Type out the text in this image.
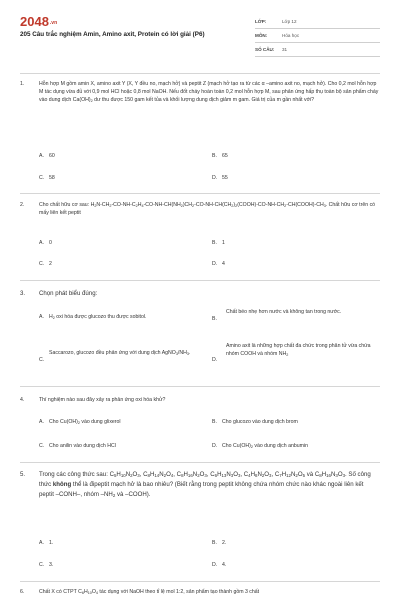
2048.vn
205 Câu trắc nghiệm Amin, Amino axit, Protein có lời giải (P6)
LỚP:	Lớp 12
MÔN:	Hóa học
SỐ CÂU:	31
1.	Hỗn hợp M gồm amin X, amino axit Y (X, Y đều no, mạch hở) và peptit Z (mạch hở tạo ra từ các α –amino axit no, mạch hở). Cho 0,2 mol hỗn hợp M tác dụng vừa đủ với 0,9 mol HCl hoặc 0,8 mol NaOH. Nếu đốt cháy hoàn toàn 0,2 mol hỗn hợp M, sau phản ứng hấp thụ toàn bộ sản phẩm cháy vào dung dịch $Ca(OH)_2$ dư thu được 150 gam kết tủa và khối lượng dung dịch giảm m gam. Giá trị của m gần nhất với?
A. 60	B. 65
C. 58	D. 55
2.	Cho chất hữu cơ sau: $H_2N-CH_2-CO-NH-C_2H_4-CO-NH-CH(NH_2)CH_2-CO-NH-CH(CH_2)_2(COOH)-CO-NH-CH_2-CH(COOH)-CH_3$. Chất hữu cơ trên có mấy liên kết peptit
A. 0	B. 1
C. 2	D. 4
3. Chọn phát biểu đúng:
A. $H_2$ oxi hóa được glucozo thu được sobitol.	B.
Chất béo nhẹ hơn nước và không tan trong nước.
C.
Saccarozo, glucozo đều phản ứng với dung dịch $AgNO_3/NH_3$.
D.
Amino axit là những hợp chất đa chức trong phân tử vừa chứa nhóm COOH và nhóm $NH_2$
4.	Thí nghiệm nào sau đây xảy ra phản ứng oxi hóa khử?
A. Cho $Cu(OH)_2$ vào dung glixerol	B. Cho glucozo vào dung dịch brom
C. Cho anilin vào dung dịch HCl	D. Cho $Cu(OH)_2$ vào dung dịch anbumin
5. Trong các công thức sau: $C_5H_{10}N_2O_3$, $C_8H_{14}N_2O_4$, $C_8H_{16}N_2O_3$, $C_6H_{13}N_3O_3$, $C_4H_8N_2O_3$, $C_7H_{12}N_2O_5$ và $C_8H_{16}N_3O_3$. Số công thức không thể là đipeptit mạch hở là bao nhiêu? (Biết rằng trong peptit không chứa nhóm chức nào khác ngoài liên kết peptit –CONH–, nhóm $-NH_2$ và –COOH).
A. 1.	B. 2.
C. 3.	D. 4.
6.	Chất X có CTPT $C_6H_{10}O_4$ tác dụng với NaOH theo tỉ lệ mol 1:2, sản phẩm tạo thành gồm 3 chất
